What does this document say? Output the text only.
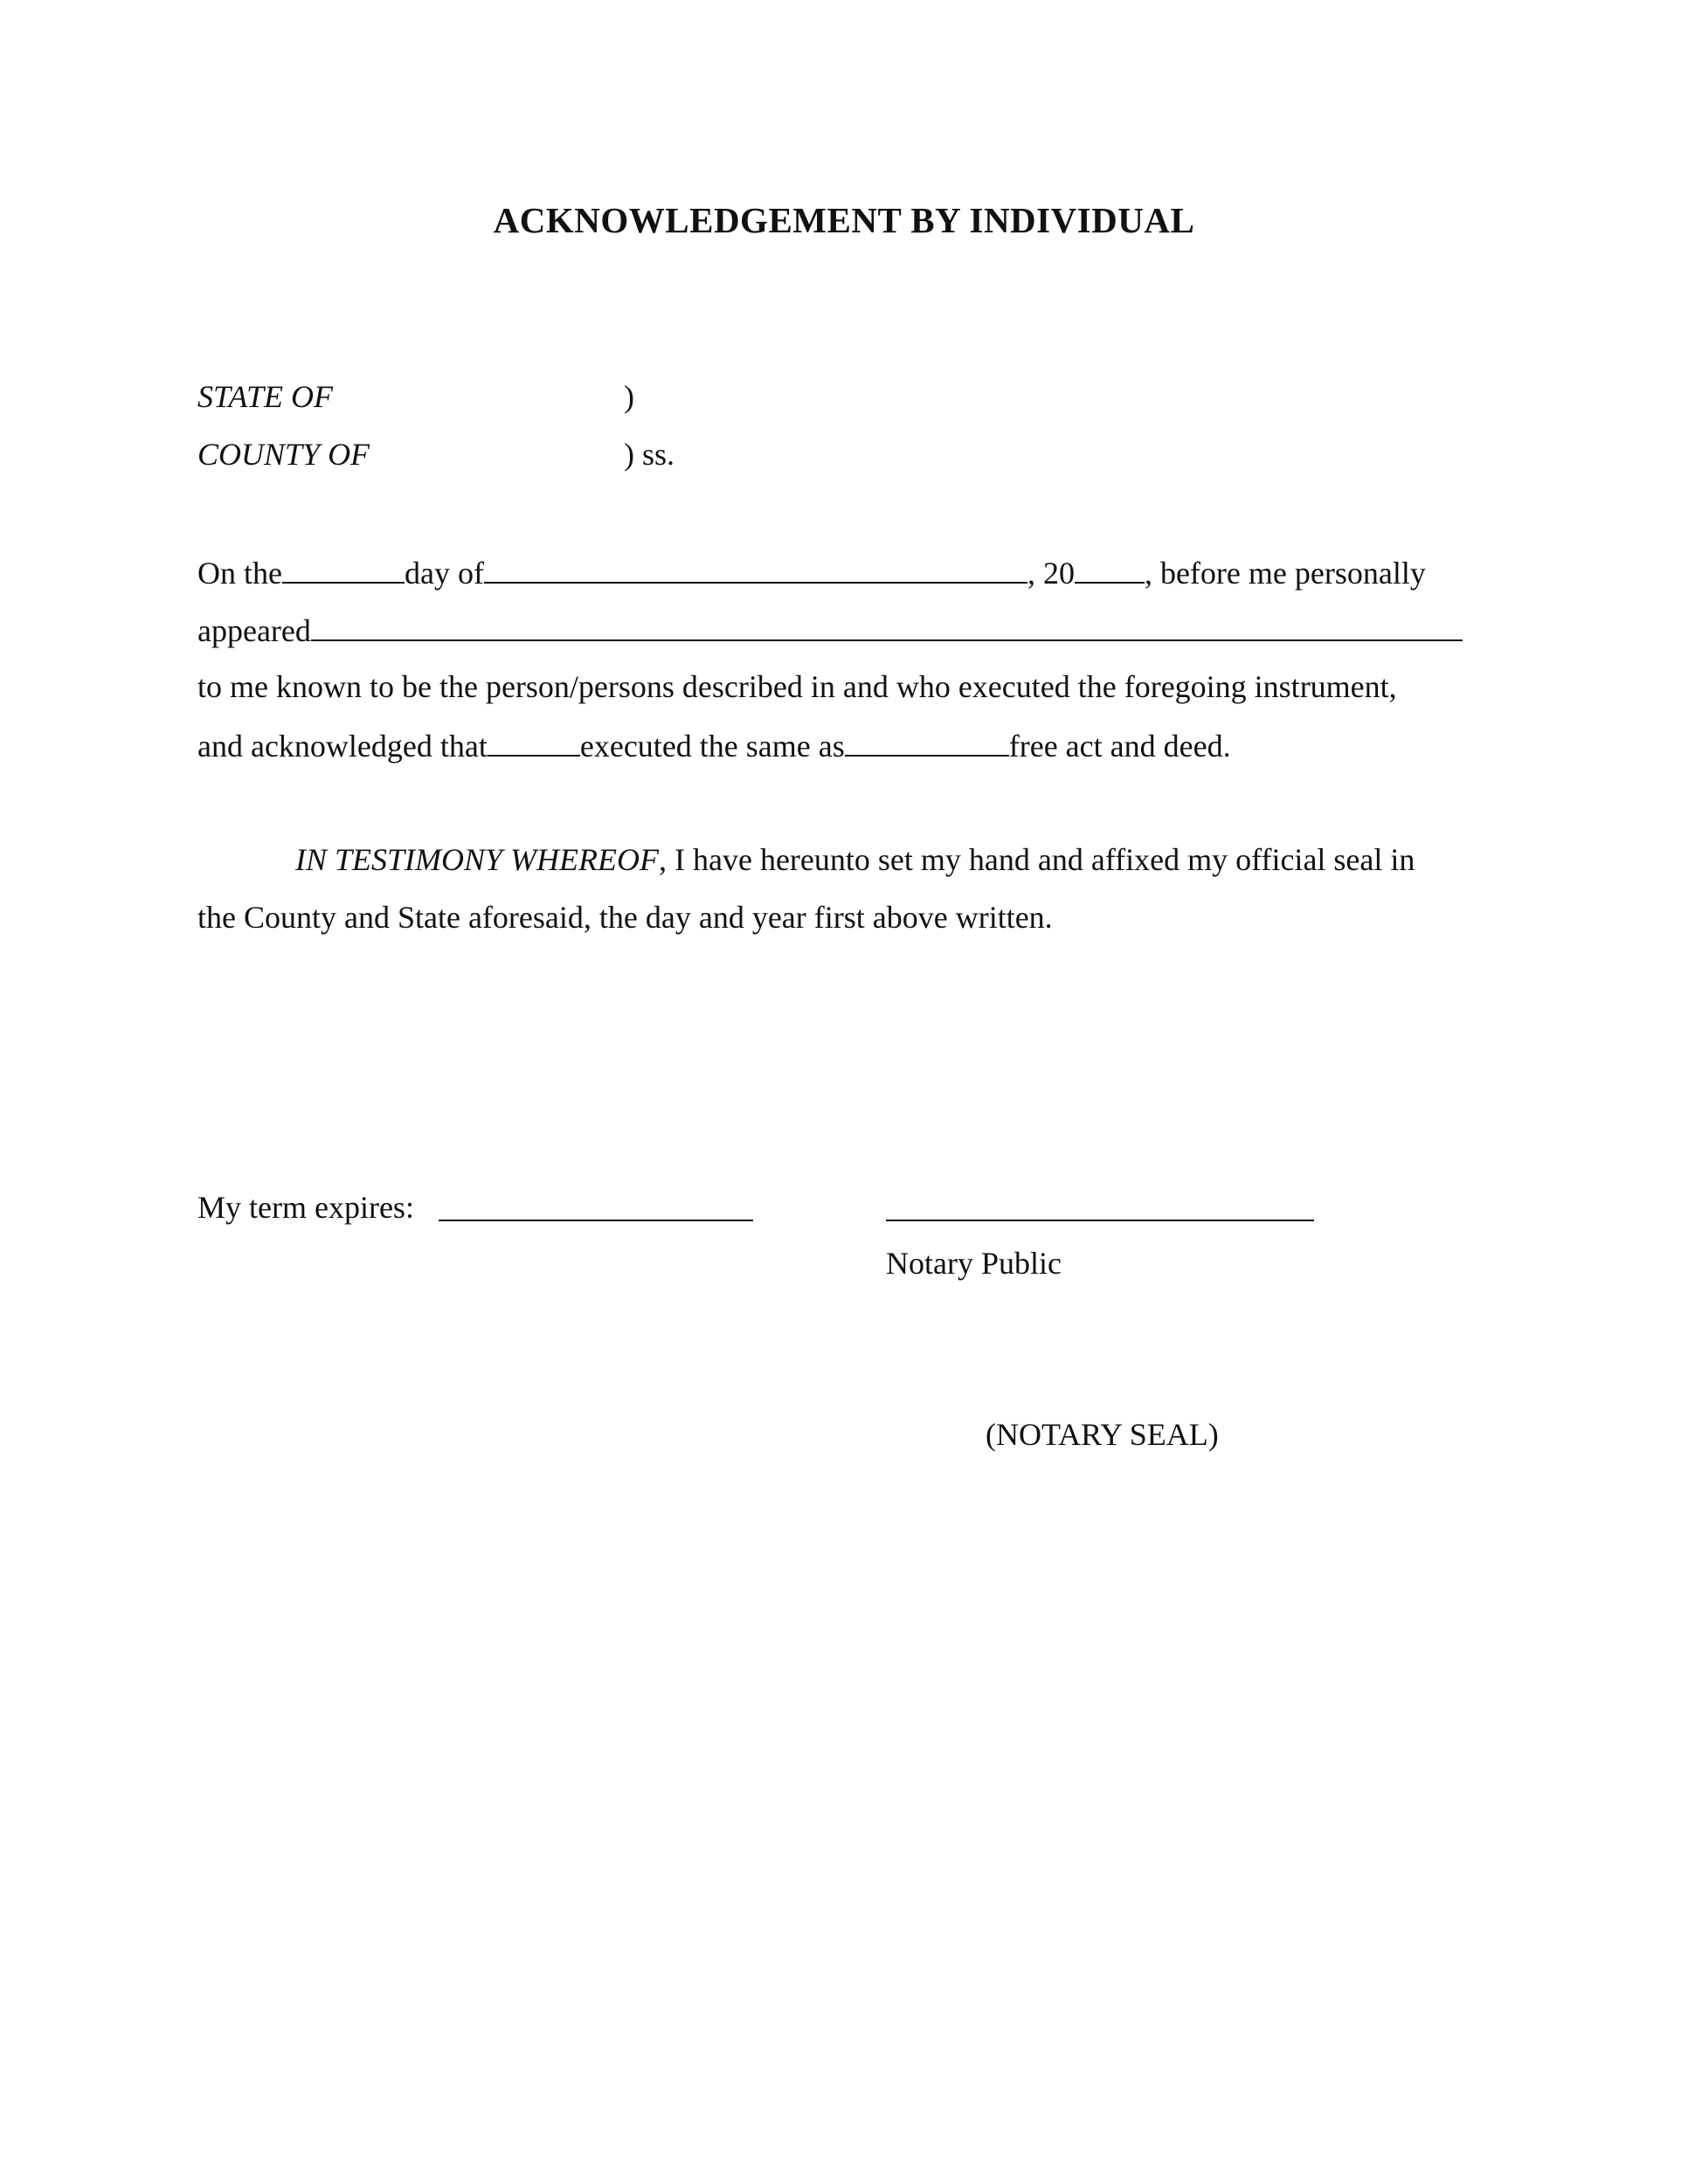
ACKNOWLEDGEMENT BY INDIVIDUAL
STATE OF	)
COUNTY OF	) ss.
On the	day of	, 20 , before me personally
appeared
to me known to be the person/persons described in and who executed the foregoing instrument,
and acknowledged that	executed the same as	free act and deed.
IN TESTIMONY WHEREOF, I have hereunto set my hand and affixed my official seal in
the County and State aforesaid, the day and year first above written.
My term expires:
Notary Public
(NOTARY SEAL)
